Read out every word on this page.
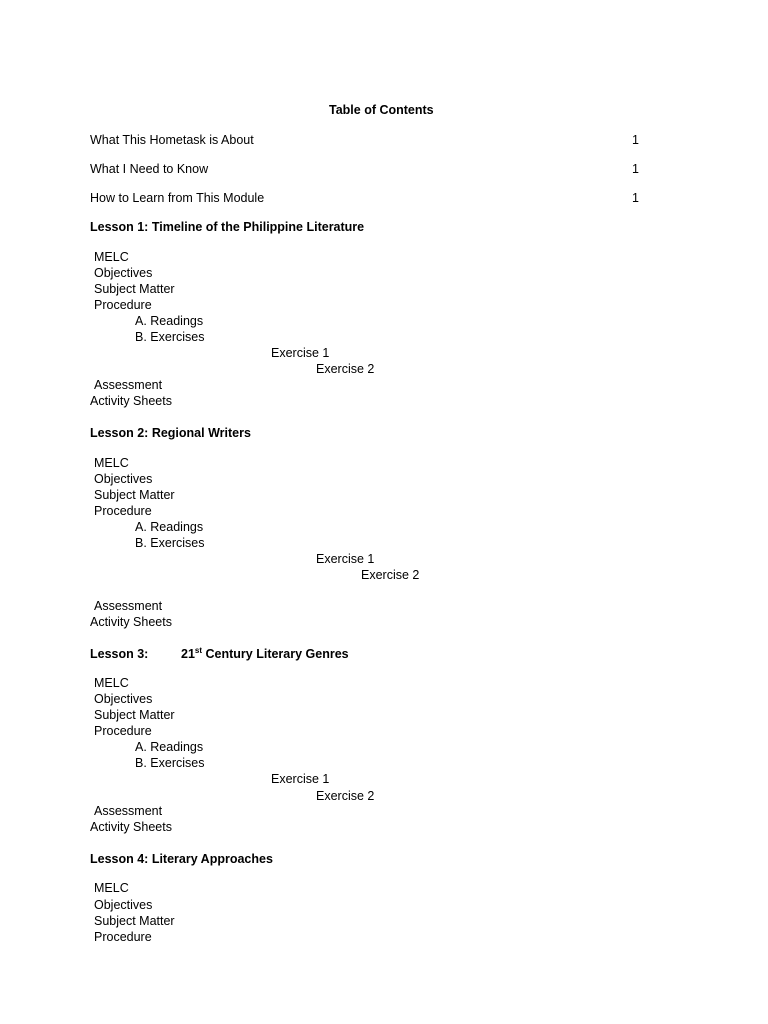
Table of Contents
What This Hometask is About	1
What I Need to Know	1
How to Learn from This Module	1
Lesson 1: Timeline of the Philippine Literature
MELC
Objectives
Subject Matter
Procedure
A. Readings
B. Exercises
Exercise 1
Exercise 2
Assessment
Activity Sheets
Lesson 2: Regional Writers
MELC
Objectives
Subject Matter
Procedure
A. Readings
B. Exercises
Exercise 1
Exercise 2
Assessment
Activity Sheets
Lesson 3:	21st Century Literary Genres
MELC
Objectives
Subject Matter
Procedure
A. Readings
B. Exercises
Exercise 1
Exercise 2
Assessment
Activity Sheets
Lesson 4: Literary Approaches
MELC
Objectives
Subject Matter
Procedure
